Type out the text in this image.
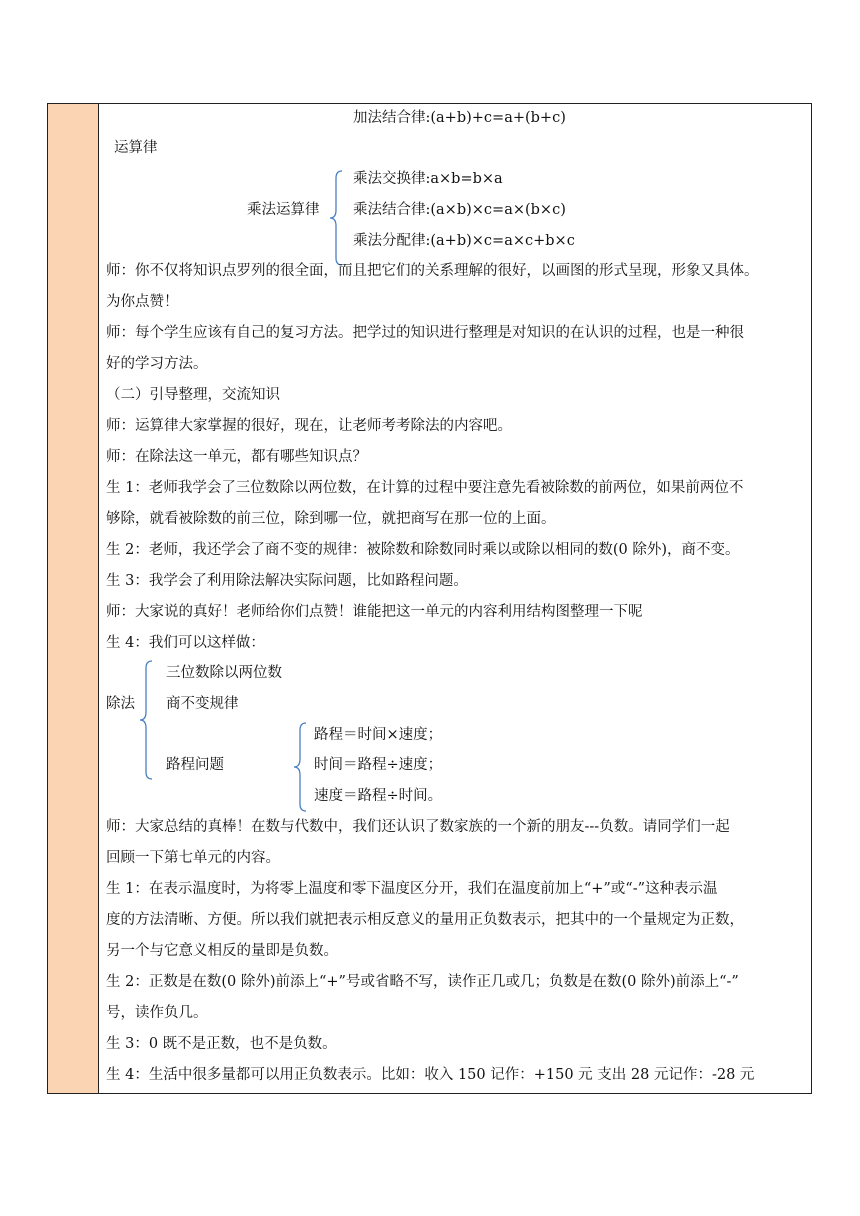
加法结合律:(a+b)+c=a+(b+c)
运算律
乘法运算律
乘法交换律:a×b=b×a
乘法结合律:(a×b)×c=a×(b×c)
乘法分配律:(a+b)×c=a×c+b×c
师：你不仅将知识点罗列的很全面，而且把它们的关系理解的很好，以画图的形式呈现，形象又具体。
为你点赞！
师：每个学生应该有自己的复习方法。把学过的知识进行整理是对知识的在认识的过程，也是一种很
好的学习方法。
（二）引导整理，交流知识
师：运算律大家掌握的很好，现在，让老师考考除法的内容吧。
师：在除法这一单元，都有哪些知识点？
生 1：老师我学会了三位数除以两位数，在计算的过程中要注意先看被除数的前两位，如果前两位不
够除，就看被除数的前三位，除到哪一位，就把商写在那一位的上面。
生 2：老师，我还学会了商不变的规律：被除数和除数同时乘以或除以相同的数(0 除外)，商不变。
生 3：我学会了利用除法解决实际问题，比如路程问题。
师：大家说的真好！老师给你们点赞！谁能把这一单元的内容利用结构图整理一下呢
生 4：我们可以这样做：
除法
三位数除以两位数
商不变规律
路程问题
路程＝时间×速度；
时间＝路程÷速度；
速度＝路程÷时间。
师：大家总结的真棒！在数与代数中，我们还认识了数家族的一个新的朋友---负数。请同学们一起
回顾一下第七单元的内容。
生 1：在表示温度时，为将零上温度和零下温度区分开，我们在温度前加上“+”或“-”这种表示温
度的方法清晰、方便。所以我们就把表示相反意义的量用正负数表示，把其中的一个量规定为正数，
另一个与它意义相反的量即是负数。
生 2：正数是在数(0 除外)前添上“+”号或省略不写，读作正几或几；负数是在数(0 除外)前添上“-”
号，读作负几。
生 3：0 既不是正数，也不是负数。
生 4：生活中很多量都可以用正负数表示。比如：收入 150 记作：+150 元 支出 28 元记作：-28 元
